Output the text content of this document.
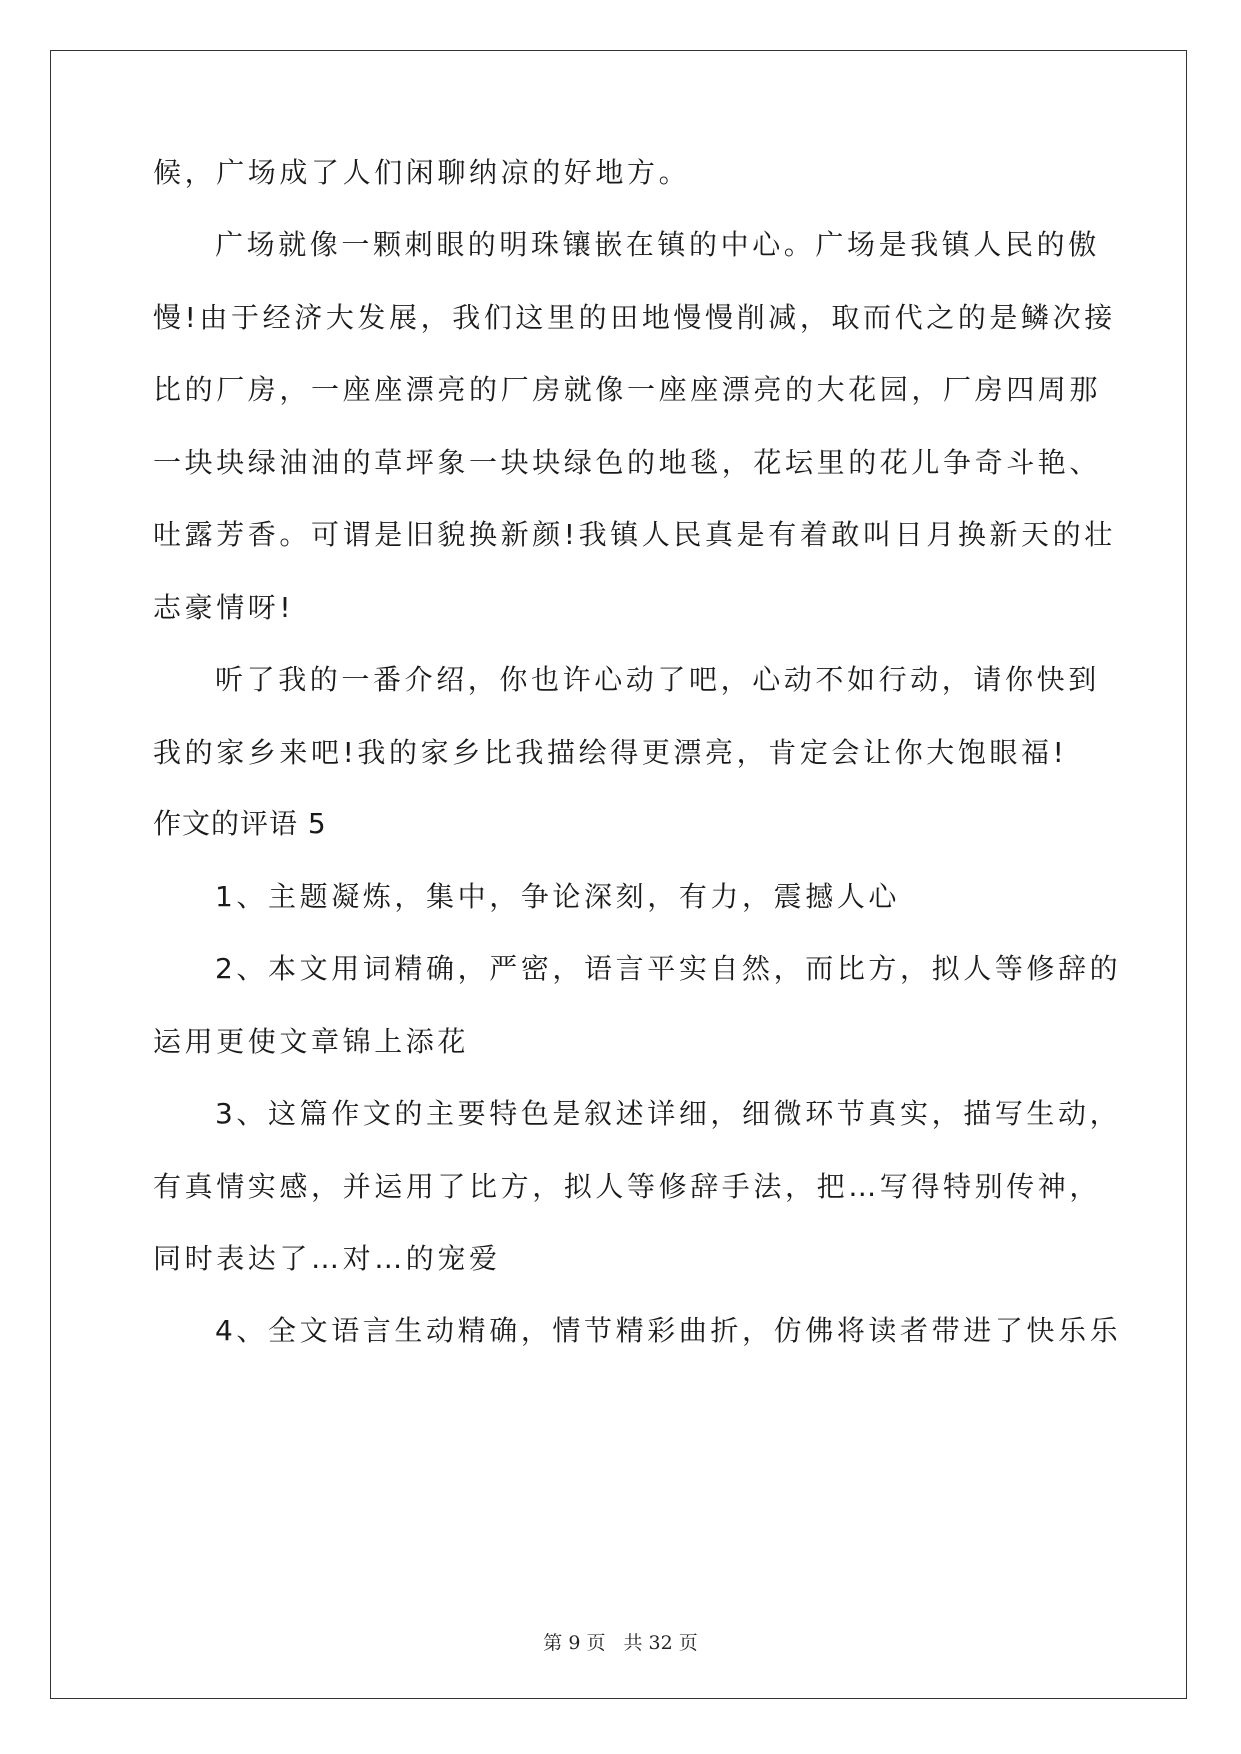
候，广场成了人们闲聊纳凉的好地方。
广场就像一颗刺眼的明珠镶嵌在镇的中心。广场是我镇人民的傲
慢!由于经济大发展，我们这里的田地慢慢削减，取而代之的是鳞次接
比的厂房，一座座漂亮的厂房就像一座座漂亮的大花园，厂房四周那
一块块绿油油的草坪象一块块绿色的地毯，花坛里的花儿争奇斗艳、
吐露芳香。可谓是旧貌换新颜!我镇人民真是有着敢叫日月换新天的壮
志豪情呀!
听了我的一番介绍，你也许心动了吧，心动不如行动，请你快到
我的家乡来吧!我的家乡比我描绘得更漂亮，肯定会让你大饱眼福!
作文的评语 5
1、主题凝炼，集中，争论深刻，有力，震撼人心
2、本文用词精确，严密，语言平实自然，而比方，拟人等修辞的
运用更使文章锦上添花
3、这篇作文的主要特色是叙述详细，细微环节真实，描写生动，
有真情实感，并运用了比方，拟人等修辞手法，把…写得特别传神，
同时表达了…对…的宠爱
4、全文语言生动精确，情节精彩曲折，仿佛将读者带进了快乐乐
第 9 页 共 32 页
